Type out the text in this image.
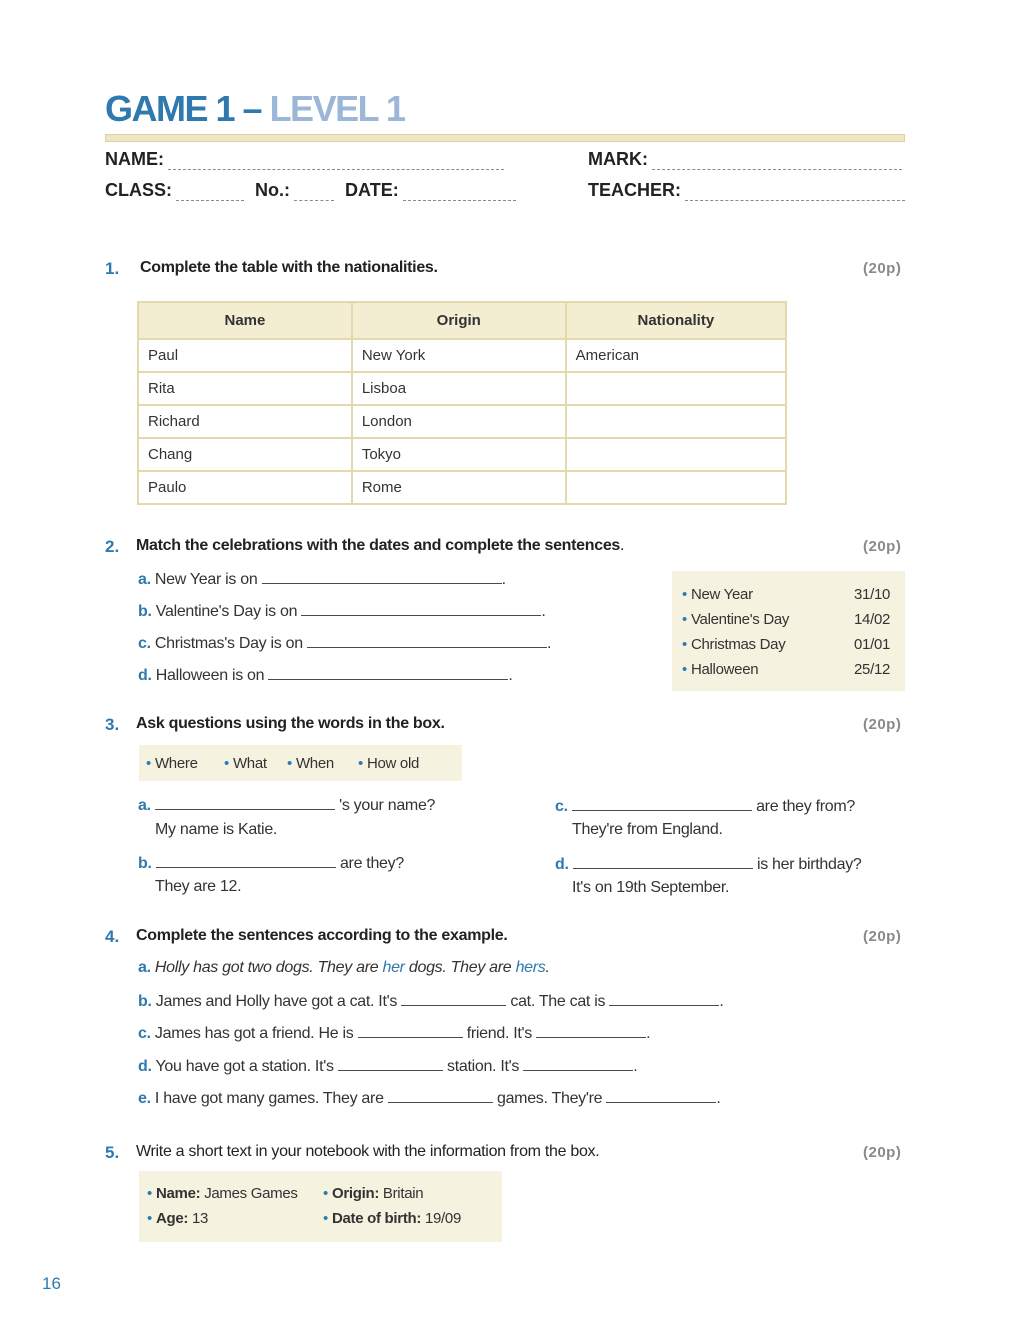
GAME 1 – LEVEL 1
NAME:	MARK:
CLASS:	No.:	DATE:	TEACHER:
1. Complete the table with the nationalities.	(20p)
Name	Origin	Nationality
Paul	New York	American
Rita	Lisboa	
Richard	London	
Chang	Tokyo	
Paulo	Rome	
2. Match the celebrations with the dates and complete the sentences.	(20p)
a. New Year is on	.
b. Valentine's Day is on	.
c. Christmas's Day is on	.
d. Halloween is on	.
• New Year	31/10
• Valentine's Day	14/02
• Christmas Day	01/01
• Halloween	25/12
3. Ask questions using the words in the box.	(20p)
• Where • What • When • How old
a.	's your name?
My name is Katie.
b.	are they?
They are 12.
c.	are they from?
They're from England.
d.	is her birthday?
It's on 19th September.
4. Complete the sentences according to the example.	(20p)
a. Holly has got two dogs. They are her dogs. They are hers.
b. James and Holly have got a cat. It's	cat. The cat is	.
c. James has got a friend. He is	friend. It's	.
d. You have got a station. It's	station. It's	.
e. I have got many games. They are	games. They're	.
5. Write a short text in your notebook with the information from the box.	(20p)
• Name: James Games • Origin: Britain
• Age: 13	• Date of birth: 19/09
16
